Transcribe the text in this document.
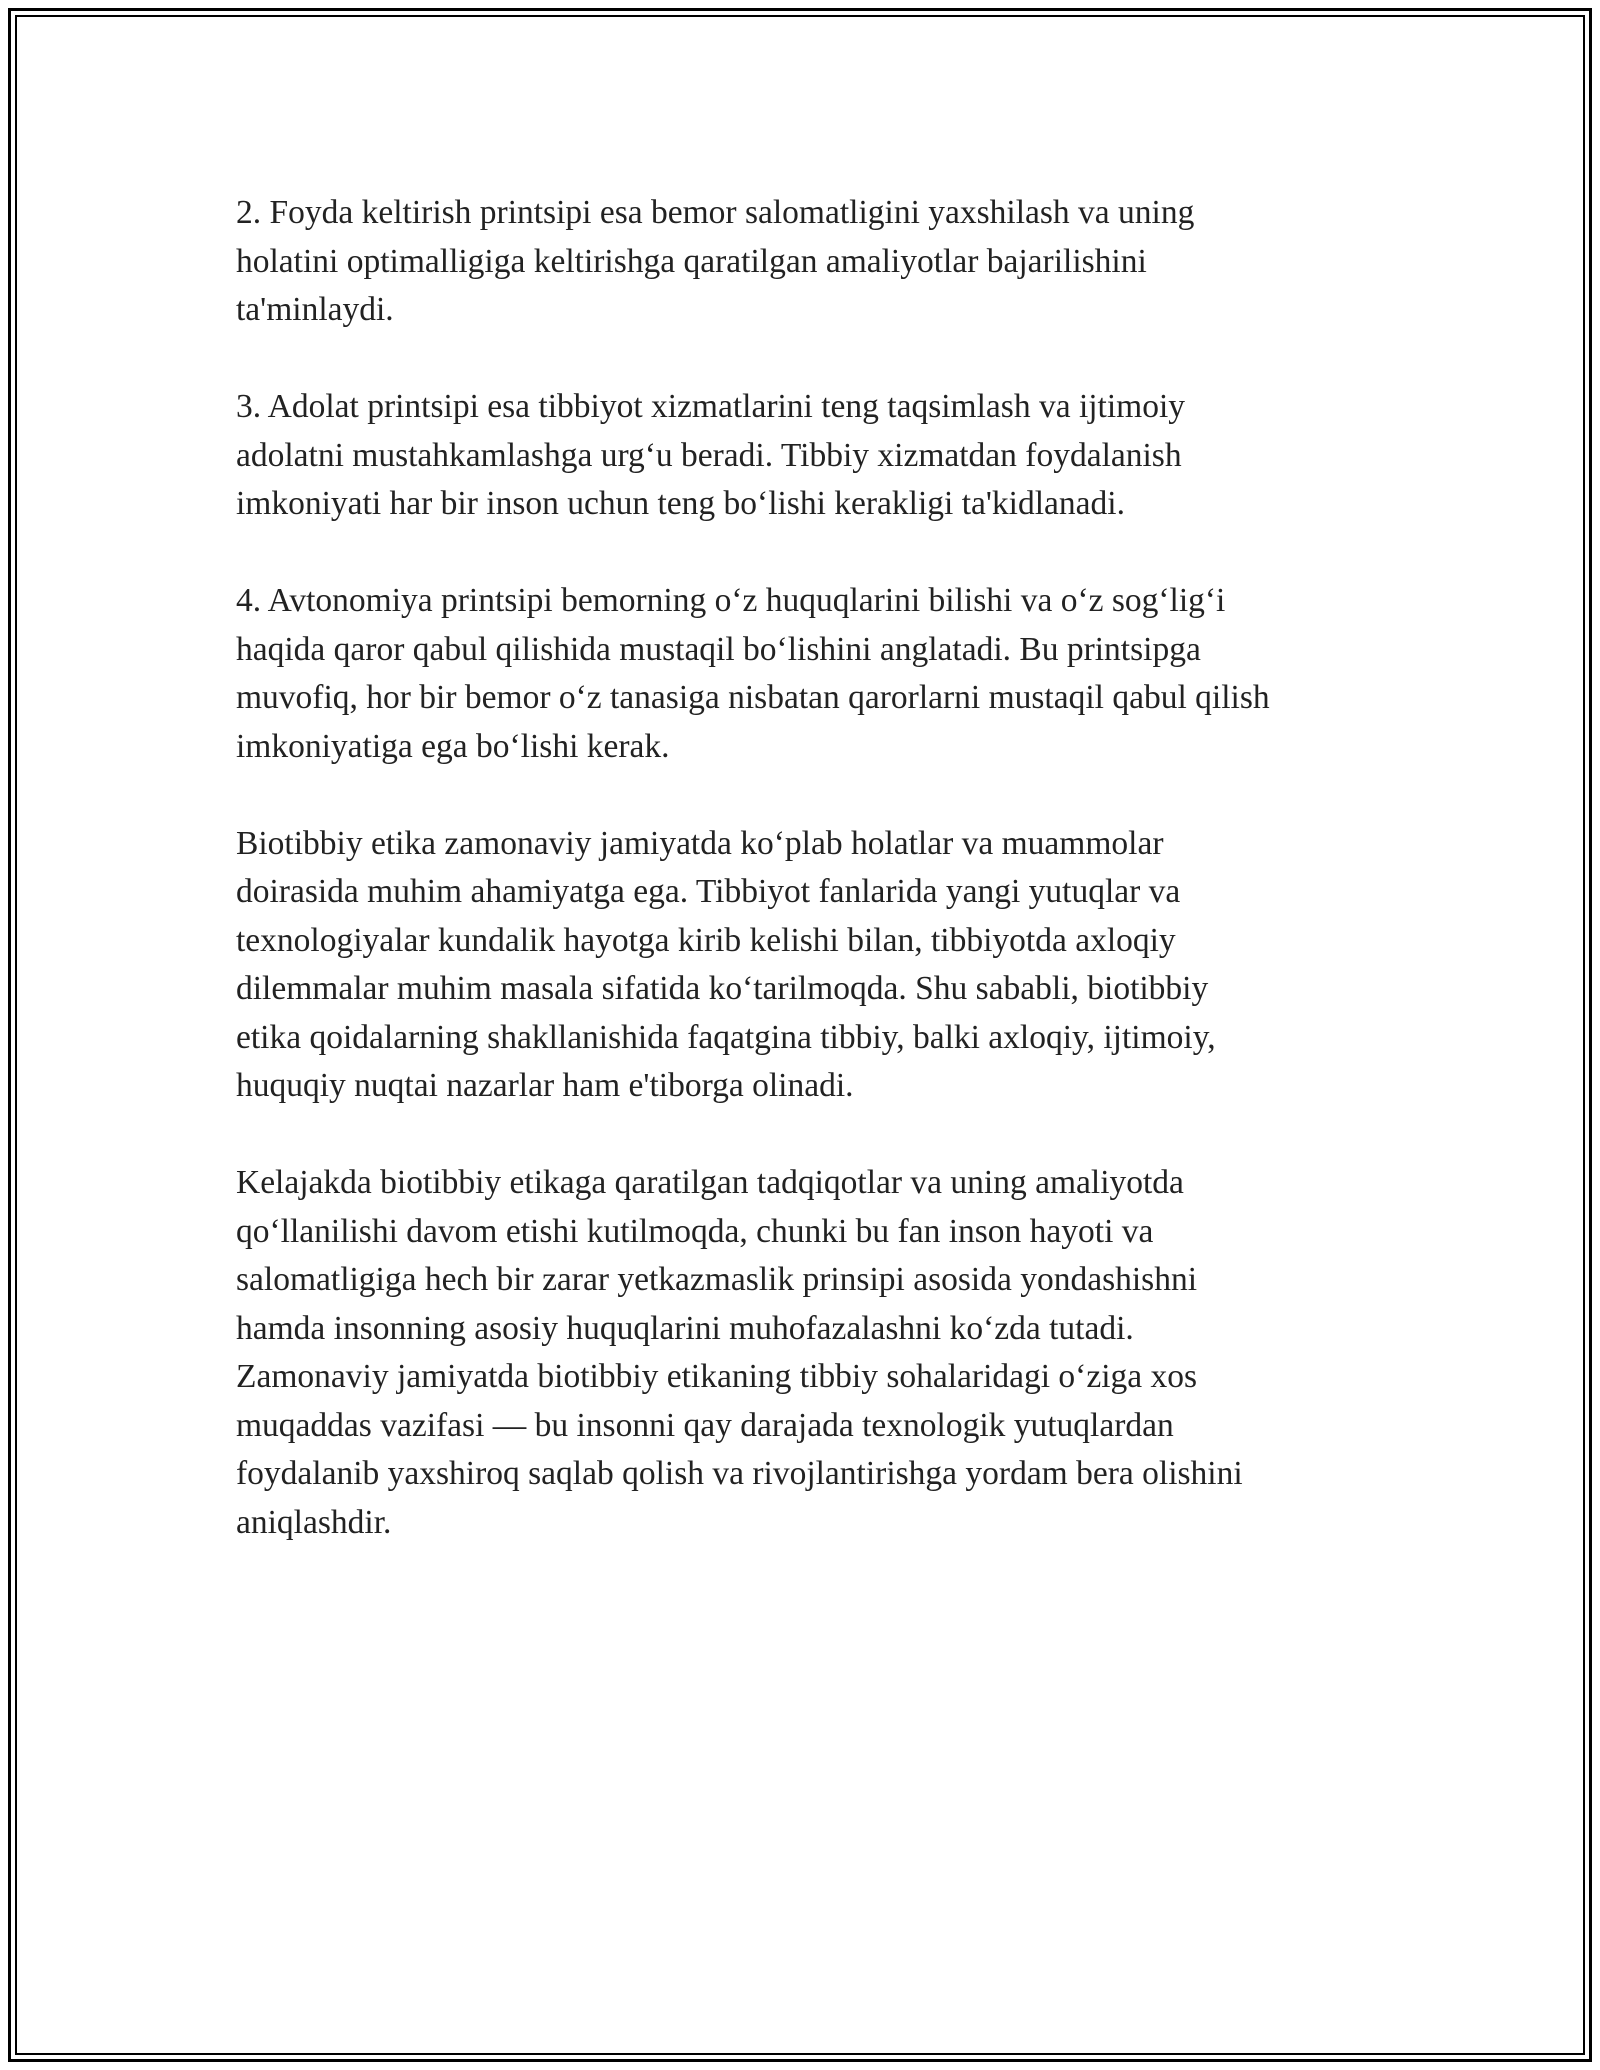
2. Foyda keltirish printsipi esa bemor salomatligini yaxshilash va uning
holatini optimalligiga keltirishga qaratilgan amaliyotlar bajarilishini
ta'minlaydi.

3. Adolat printsipi esa tibbiyot xizmatlarini teng taqsimlash va ijtimoiy
adolatni mustahkamlashga urg‘u beradi. Tibbiy xizmatdan foydalanish
imkoniyati har bir inson uchun teng bo‘lishi kerakligi ta'kidlanadi.

4. Avtonomiya printsipi bemorning o‘z huquqlarini bilishi va o‘z sog‘lig‘i
haqida qaror qabul qilishida mustaqil bo‘lishini anglatadi. Bu printsipga
muvofiq, hor bir bemor o‘z tanasiga nisbatan qarorlarni mustaqil qabul qilish
imkoniyatiga ega bo‘lishi kerak.

Biotibbiy etika zamonaviy jamiyatda ko‘plab holatlar va muammolar
doirasida muhim ahamiyatga ega. Tibbiyot fanlarida yangi yutuqlar va
texnologiyalar kundalik hayotga kirib kelishi bilan, tibbiyotda axloqiy
dilemmalar muhim masala sifatida ko‘tarilmoqda. Shu sababli, biotibbiy
etika qoidalarning shakllanishida faqatgina tibbiy, balki axloqiy, ijtimoiy,
huquqiy nuqtai nazarlar ham e'tiborga olinadi.

Kelajakda biotibbiy etikaga qaratilgan tadqiqotlar va uning amaliyotda
qo‘llanilishi davom etishi kutilmoqda, chunki bu fan inson hayoti va
salomatligiga hech bir zarar yetkazmaslik prinsipi asosida yondashishni
hamda insonning asosiy huquqlarini muhofazalashni ko‘zda tutadi.
Zamonaviy jamiyatda biotibbiy etikaning tibbiy sohalaridagi o‘ziga xos
muqaddas vazifasi — bu insonni qay darajada texnologik yutuqlardan
foydalanib yaxshiroq saqlab qolish va rivojlantirishga yordam bera olishini
aniqlashdir.
